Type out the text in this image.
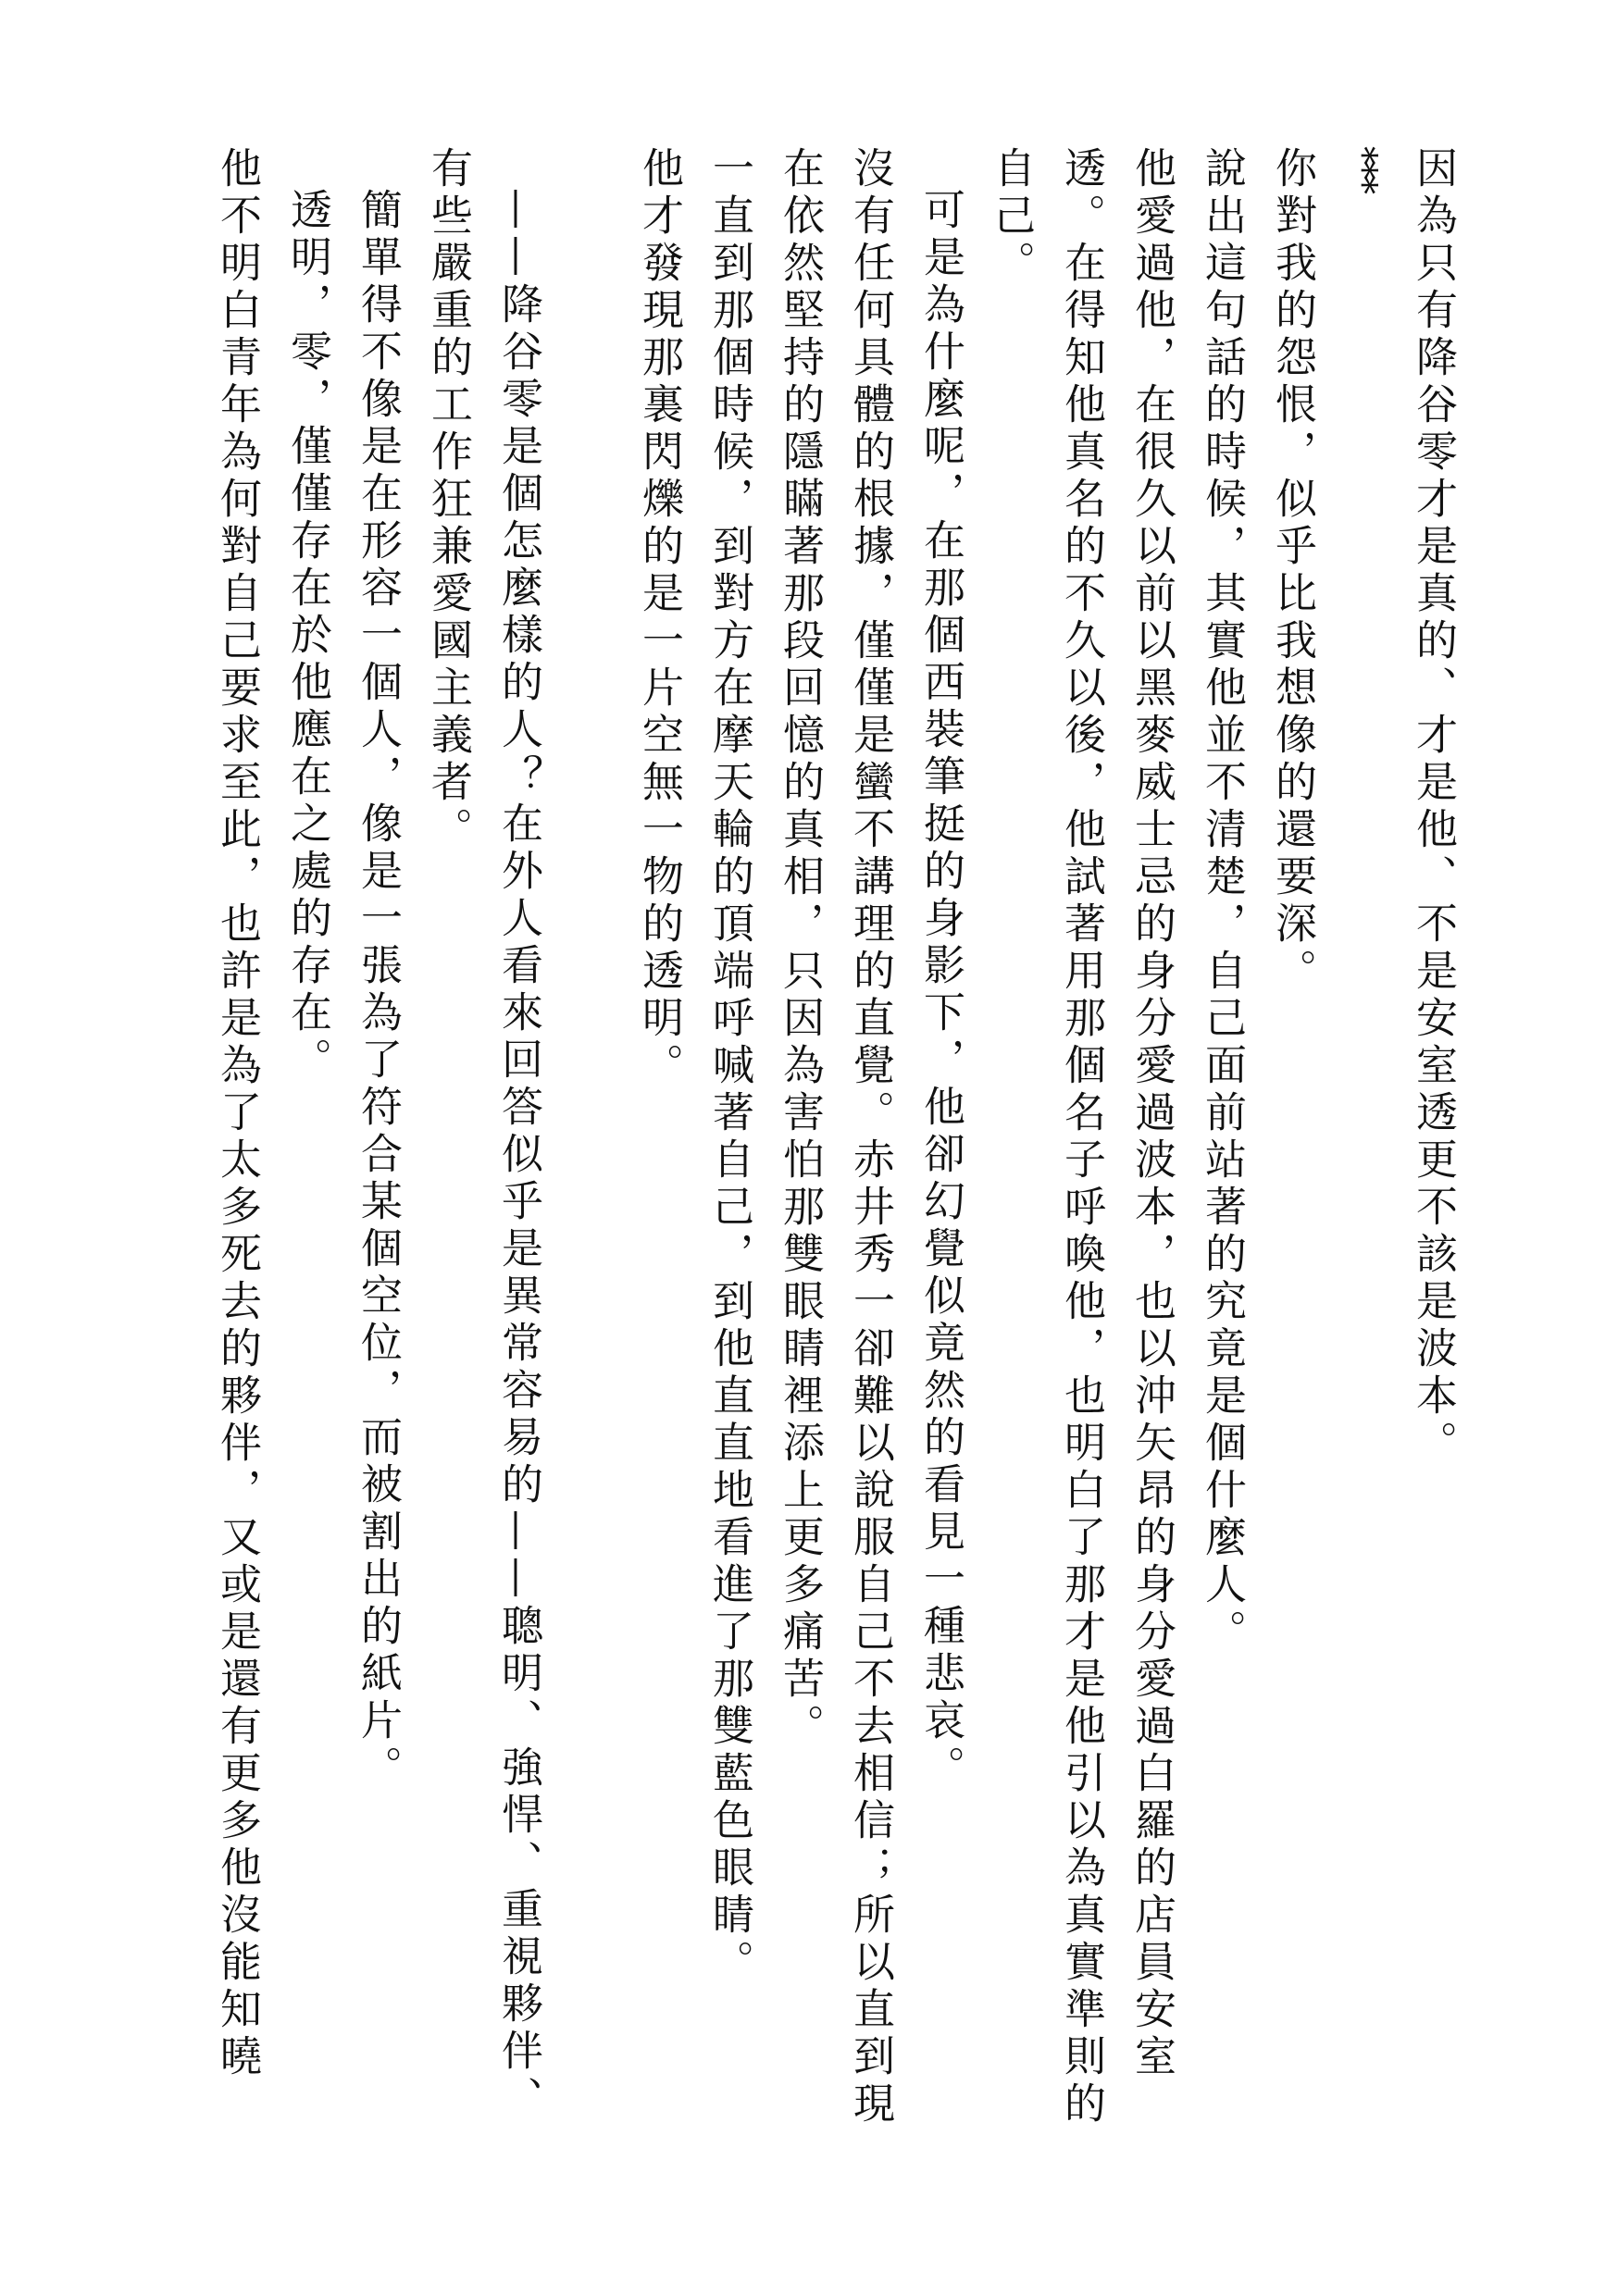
因為只有降谷零才是真的、才是他、不是安室透更不該是波本。

***

你對我的怨恨，似乎比我想像的還要深。

說出這句話的時候，其實他並不清楚，自己面前站著的究竟是個什麼人。

他愛過他，在很久以前以黑麥威士忌的身分愛過波本，也以沖矢昂的身分愛過白羅的店員安室透。在得知他真名的不久以後，他試著用那個名子呼喚他，也明白了那才是他引以為真實準則的自己。

可是為什麼呢，在那個西裝筆挺的身影下，他卻幻覺似竟然的看見一種悲哀。

沒有任何具體的根據，僅僅是蠻不講理的直覺。赤井秀一卻難以說服自己不去相信；所以直到現在依然堅持的隱瞞著那段回憶的真相，只因為害怕那雙眼睛裡添上更多痛苦。

一直到那個時候，到對方在摩天輪的頂端呼喊著自己，到他直直地看進了那雙藍色眼睛。

他才發現那裏閃爍的是一片空無一物的透明。

——降谷零是個怎麼樣的人？在外人看來回答似乎是異常容易的——聰明、強悍、重視夥伴、有些嚴重的工作狂兼愛國主義者。

簡單得不像是在形容一個人，像是一張為了符合某個空位，而被割出的紙片。

透明，零，僅僅存在於他應在之處的存在。

他不明白青年為何對自己要求至此，也許是為了太多死去的夥伴，又或是還有更多他沒能知曉
